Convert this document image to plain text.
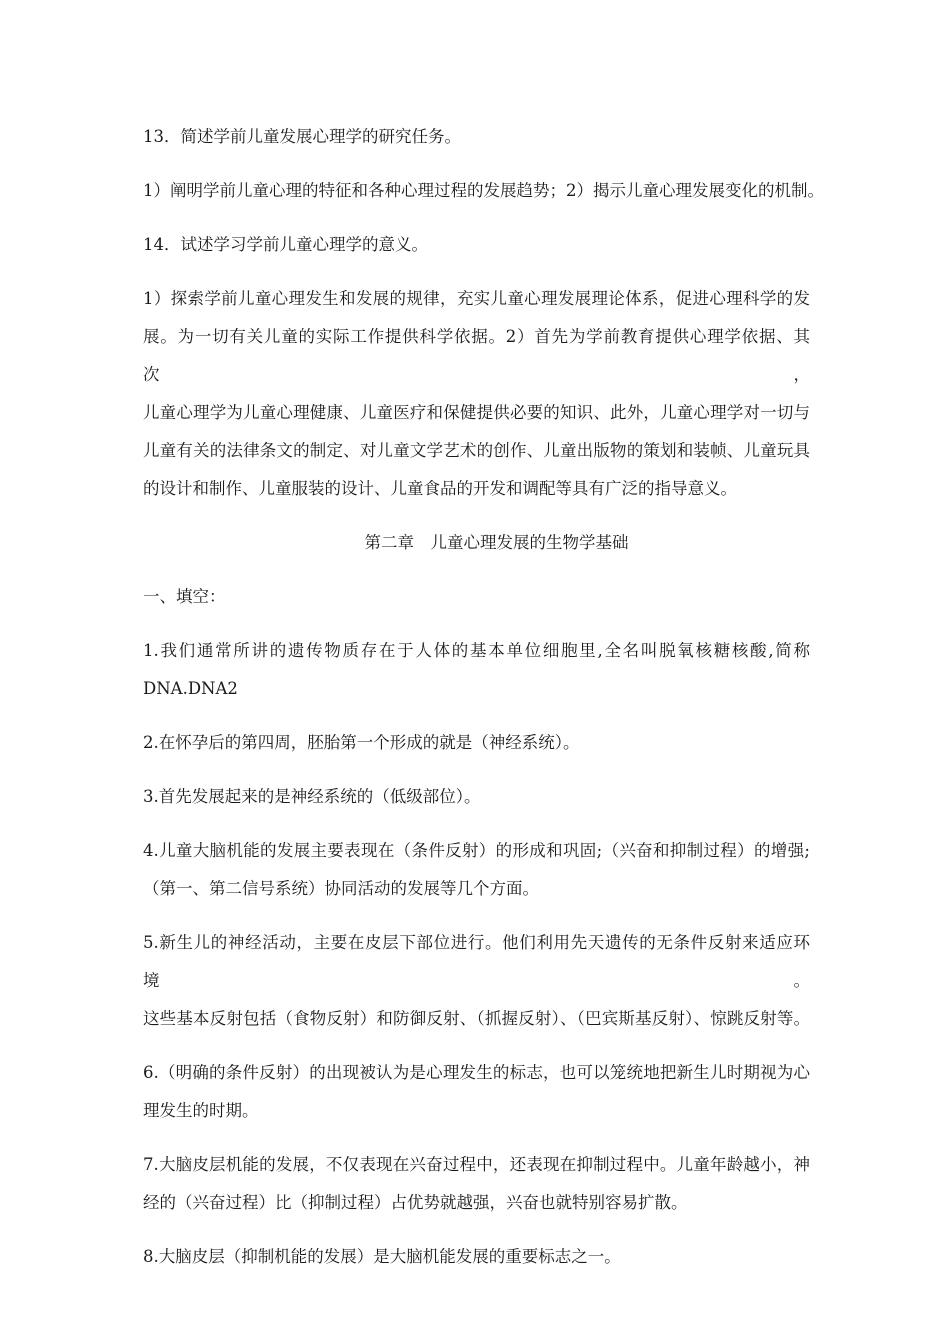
13．简述学前儿童发展心理学的研究任务。
1）阐明学前儿童心理的特征和各种心理过程的发展趋势；2）揭示儿童心理发展变化的机制。
14．试述学习学前儿童心理学的意义。
1）探索学前儿童心理发生和发展的规律，充实儿童心理发展理论体系，促进心理科学的发
展。为一切有关儿童的实际工作提供科学依据。2）首先为学前教育提供心理学依据、其次，
儿童心理学为儿童心理健康、儿童医疗和保健提供必要的知识、此外，儿童心理学对一切与
儿童有关的法律条文的制定、对儿童文学艺术的创作、儿童出版物的策划和装帧、儿童玩具
的设计和制作、儿童服装的设计、儿童食品的开发和调配等具有广泛的指导意义。
第二章　儿童心理发展的生物学基础
一、填空：
1.我们通常所讲的遗传物质存在于人体的基本单位细胞里,全名叫脱氧核糖核酸,简称
DNA.DNA2
2.在怀孕后的第四周，胚胎第一个形成的就是（神经系统）。
3.首先发展起来的是神经系统的（低级部位）。
4.儿童大脑机能的发展主要表现在（条件反射）的形成和巩固;（兴奋和抑制过程）的增强;
（第一、第二信号系统）协同活动的发展等几个方面。
5.新生儿的神经活动，主要在皮层下部位进行。他们利用先天遗传的无条件反射来适应环境。
这些基本反射包括（食物反射）和防御反射、（抓握反射）、（巴宾斯基反射）、惊跳反射等。
6.（明确的条件反射）的出现被认为是心理发生的标志，也可以笼统地把新生儿时期视为心
理发生的时期。
7.大脑皮层机能的发展，不仅表现在兴奋过程中，还表现在抑制过程中。儿童年龄越小，神
经的（兴奋过程）比（抑制过程）占优势就越强，兴奋也就特别容易扩散。
8.大脑皮层（抑制机能的发展）是大脑机能发展的重要标志之一。
